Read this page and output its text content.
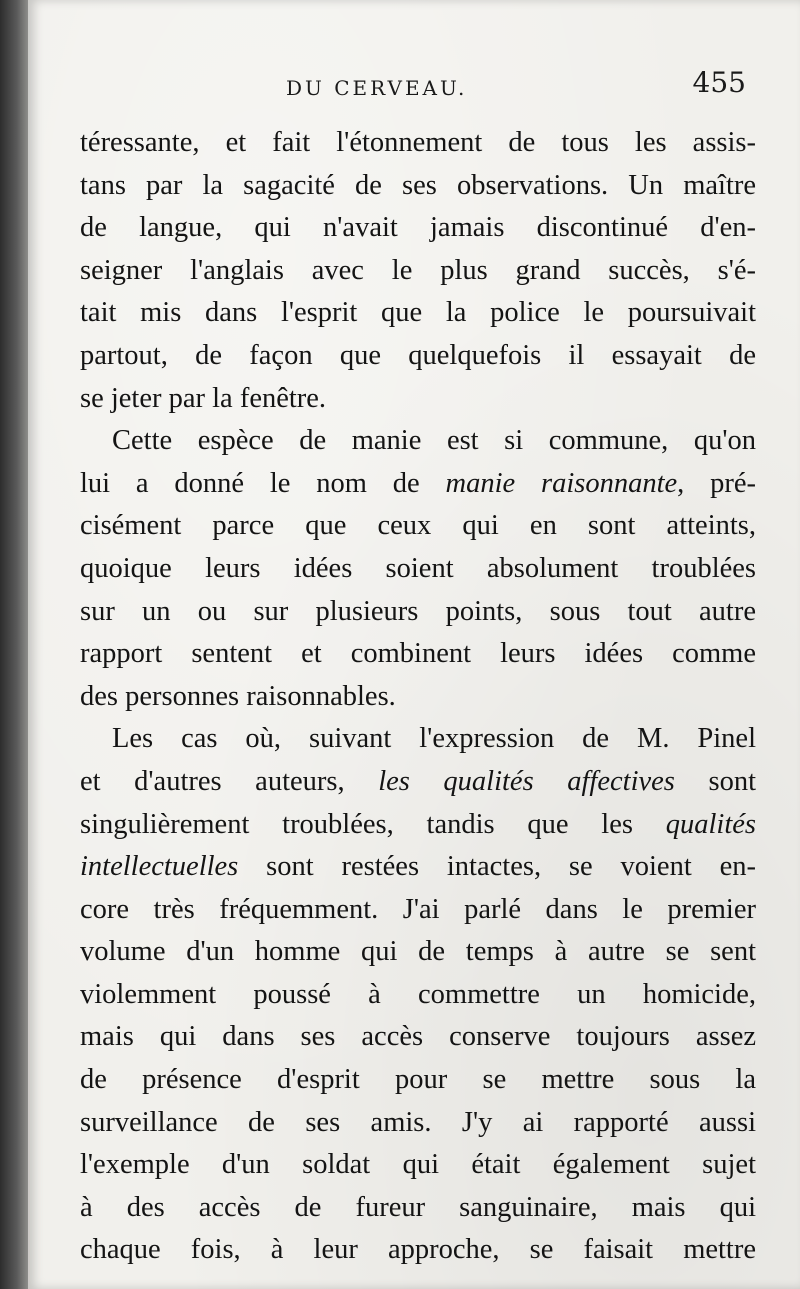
DU CERVEAU.	455
téressante, et fait l'étonnement de tous les assis-
tans par la sagacité de ses observations. Un maître
de langue, qui n'avait jamais discontinué d'en-
seigner l'anglais avec le plus grand succès, s'é-
tait mis dans l'esprit que la police le poursuivait
partout, de façon que quelquefois il essayait de
se jeter par la fenêtre.
Cette espèce de manie est si commune, qu'on
lui a donné le nom de manie raisonnante, pré-
cisément parce que ceux qui en sont atteints,
quoique leurs idées soient absolument troublées
sur un ou sur plusieurs points, sous tout autre
rapport sentent et combinent leurs idées comme
des personnes raisonnables.
Les cas où, suivant l'expression de M. Pinel
et d'autres auteurs, les qualités affectives sont
singulièrement troublées, tandis que les qualités
intellectuelles sont restées intactes, se voient en-
core très fréquemment. J'ai parlé dans le premier
volume d'un homme qui de temps à autre se sent
violemment poussé à commettre un homicide,
mais qui dans ses accès conserve toujours assez
de présence d'esprit pour se mettre sous la
surveillance de ses amis. J'y ai rapporté aussi
l'exemple d'un soldat qui était également sujet
à des accès de fureur sanguinaire, mais qui
chaque fois, à leur approche, se faisait mettre
